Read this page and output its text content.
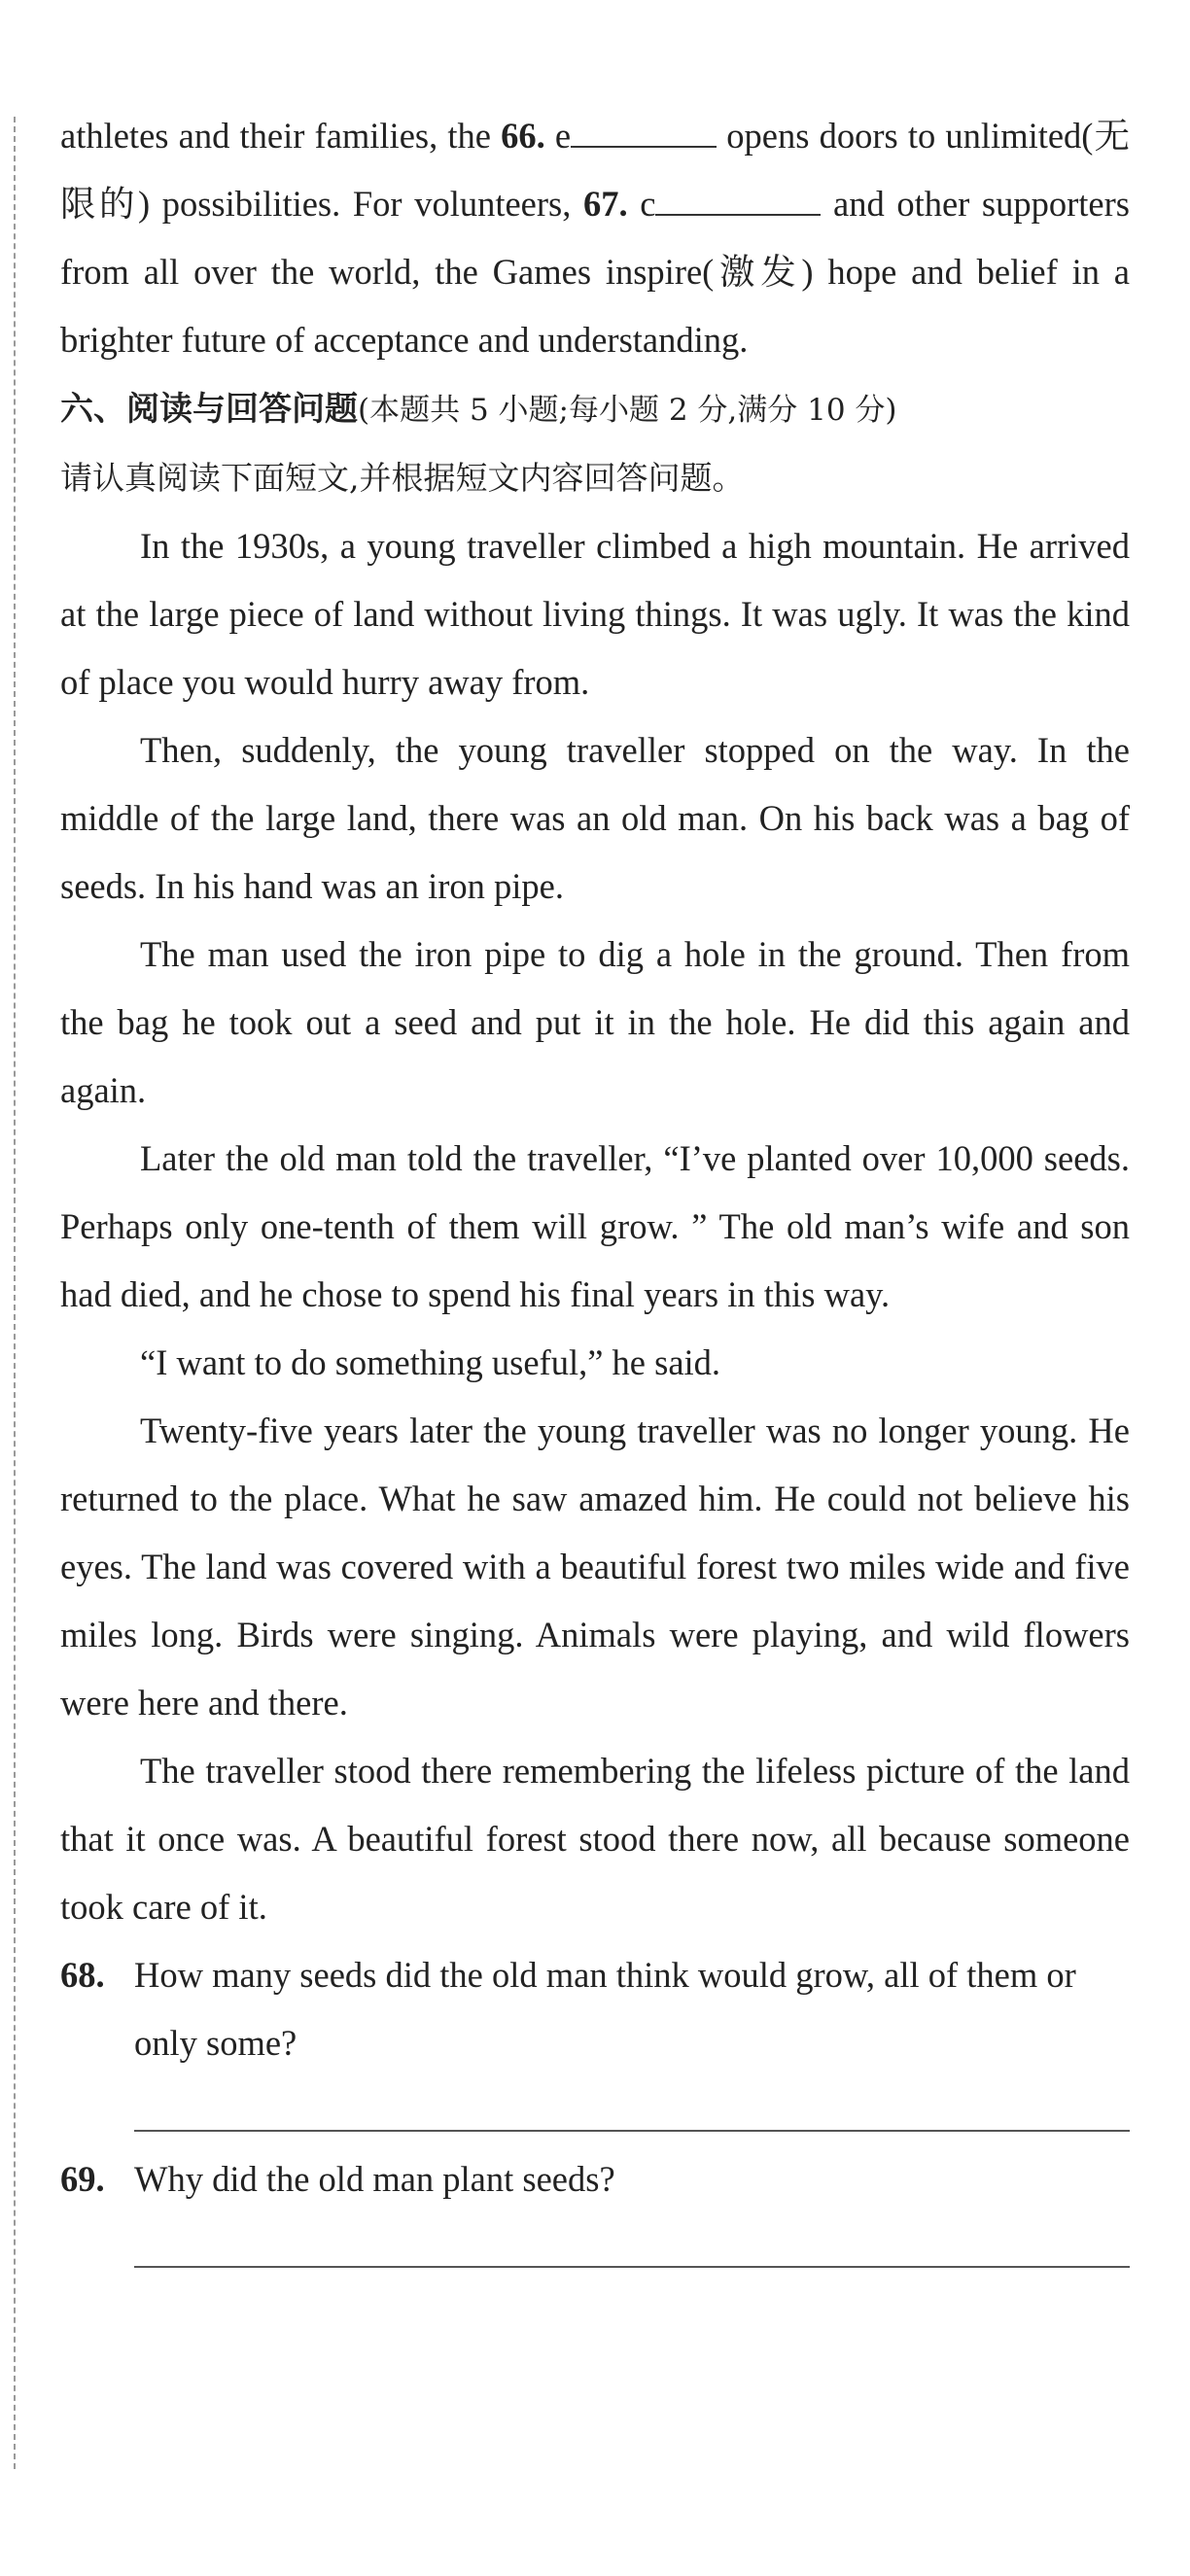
athletes and their families, the 66. e	opens doors to unlimited(无限的) possibilities. For volunteers, 67. c	and other supporters from all over the world, the Games inspire(激发) hope and belief in a brighter future of acceptance and understanding.

六、阅读与回答问题(本题共 5 小题;每小题 2 分,满分 10 分)

请认真阅读下面短文,并根据短文内容回答问题。

In the 1930s, a young traveller climbed a high mountain. He arrived at the large piece of land without living things. It was ugly. It was the kind of place you would hurry away from.

Then, suddenly, the young traveller stopped on the way. In the middle of the large land, there was an old man. On his back was a bag of seeds. In his hand was an iron pipe.

The man used the iron pipe to dig a hole in the ground. Then from the bag he took out a seed and put it in the hole. He did this again and again.

Later the old man told the traveller, “I’ve planted over 10,000 seeds. Perhaps only one-tenth of them will grow. ” The old man’s wife and son had died, and he chose to spend his final years in this way.

“I want to do something useful,” he said.

Twenty-five years later the young traveller was no longer young. He returned to the place. What he saw amazed him. He could not believe his eyes. The land was covered with a beautiful forest two miles wide and five miles long. Birds were singing. Animals were playing, and wild flowers were here and there.

The traveller stood there remembering the lifeless picture of the land that it once was. A beautiful forest stood there now, all because someone took care of it.

68. How many seeds did the old man think would grow, all of them or only some?
69. Why did the old man plant seeds?
